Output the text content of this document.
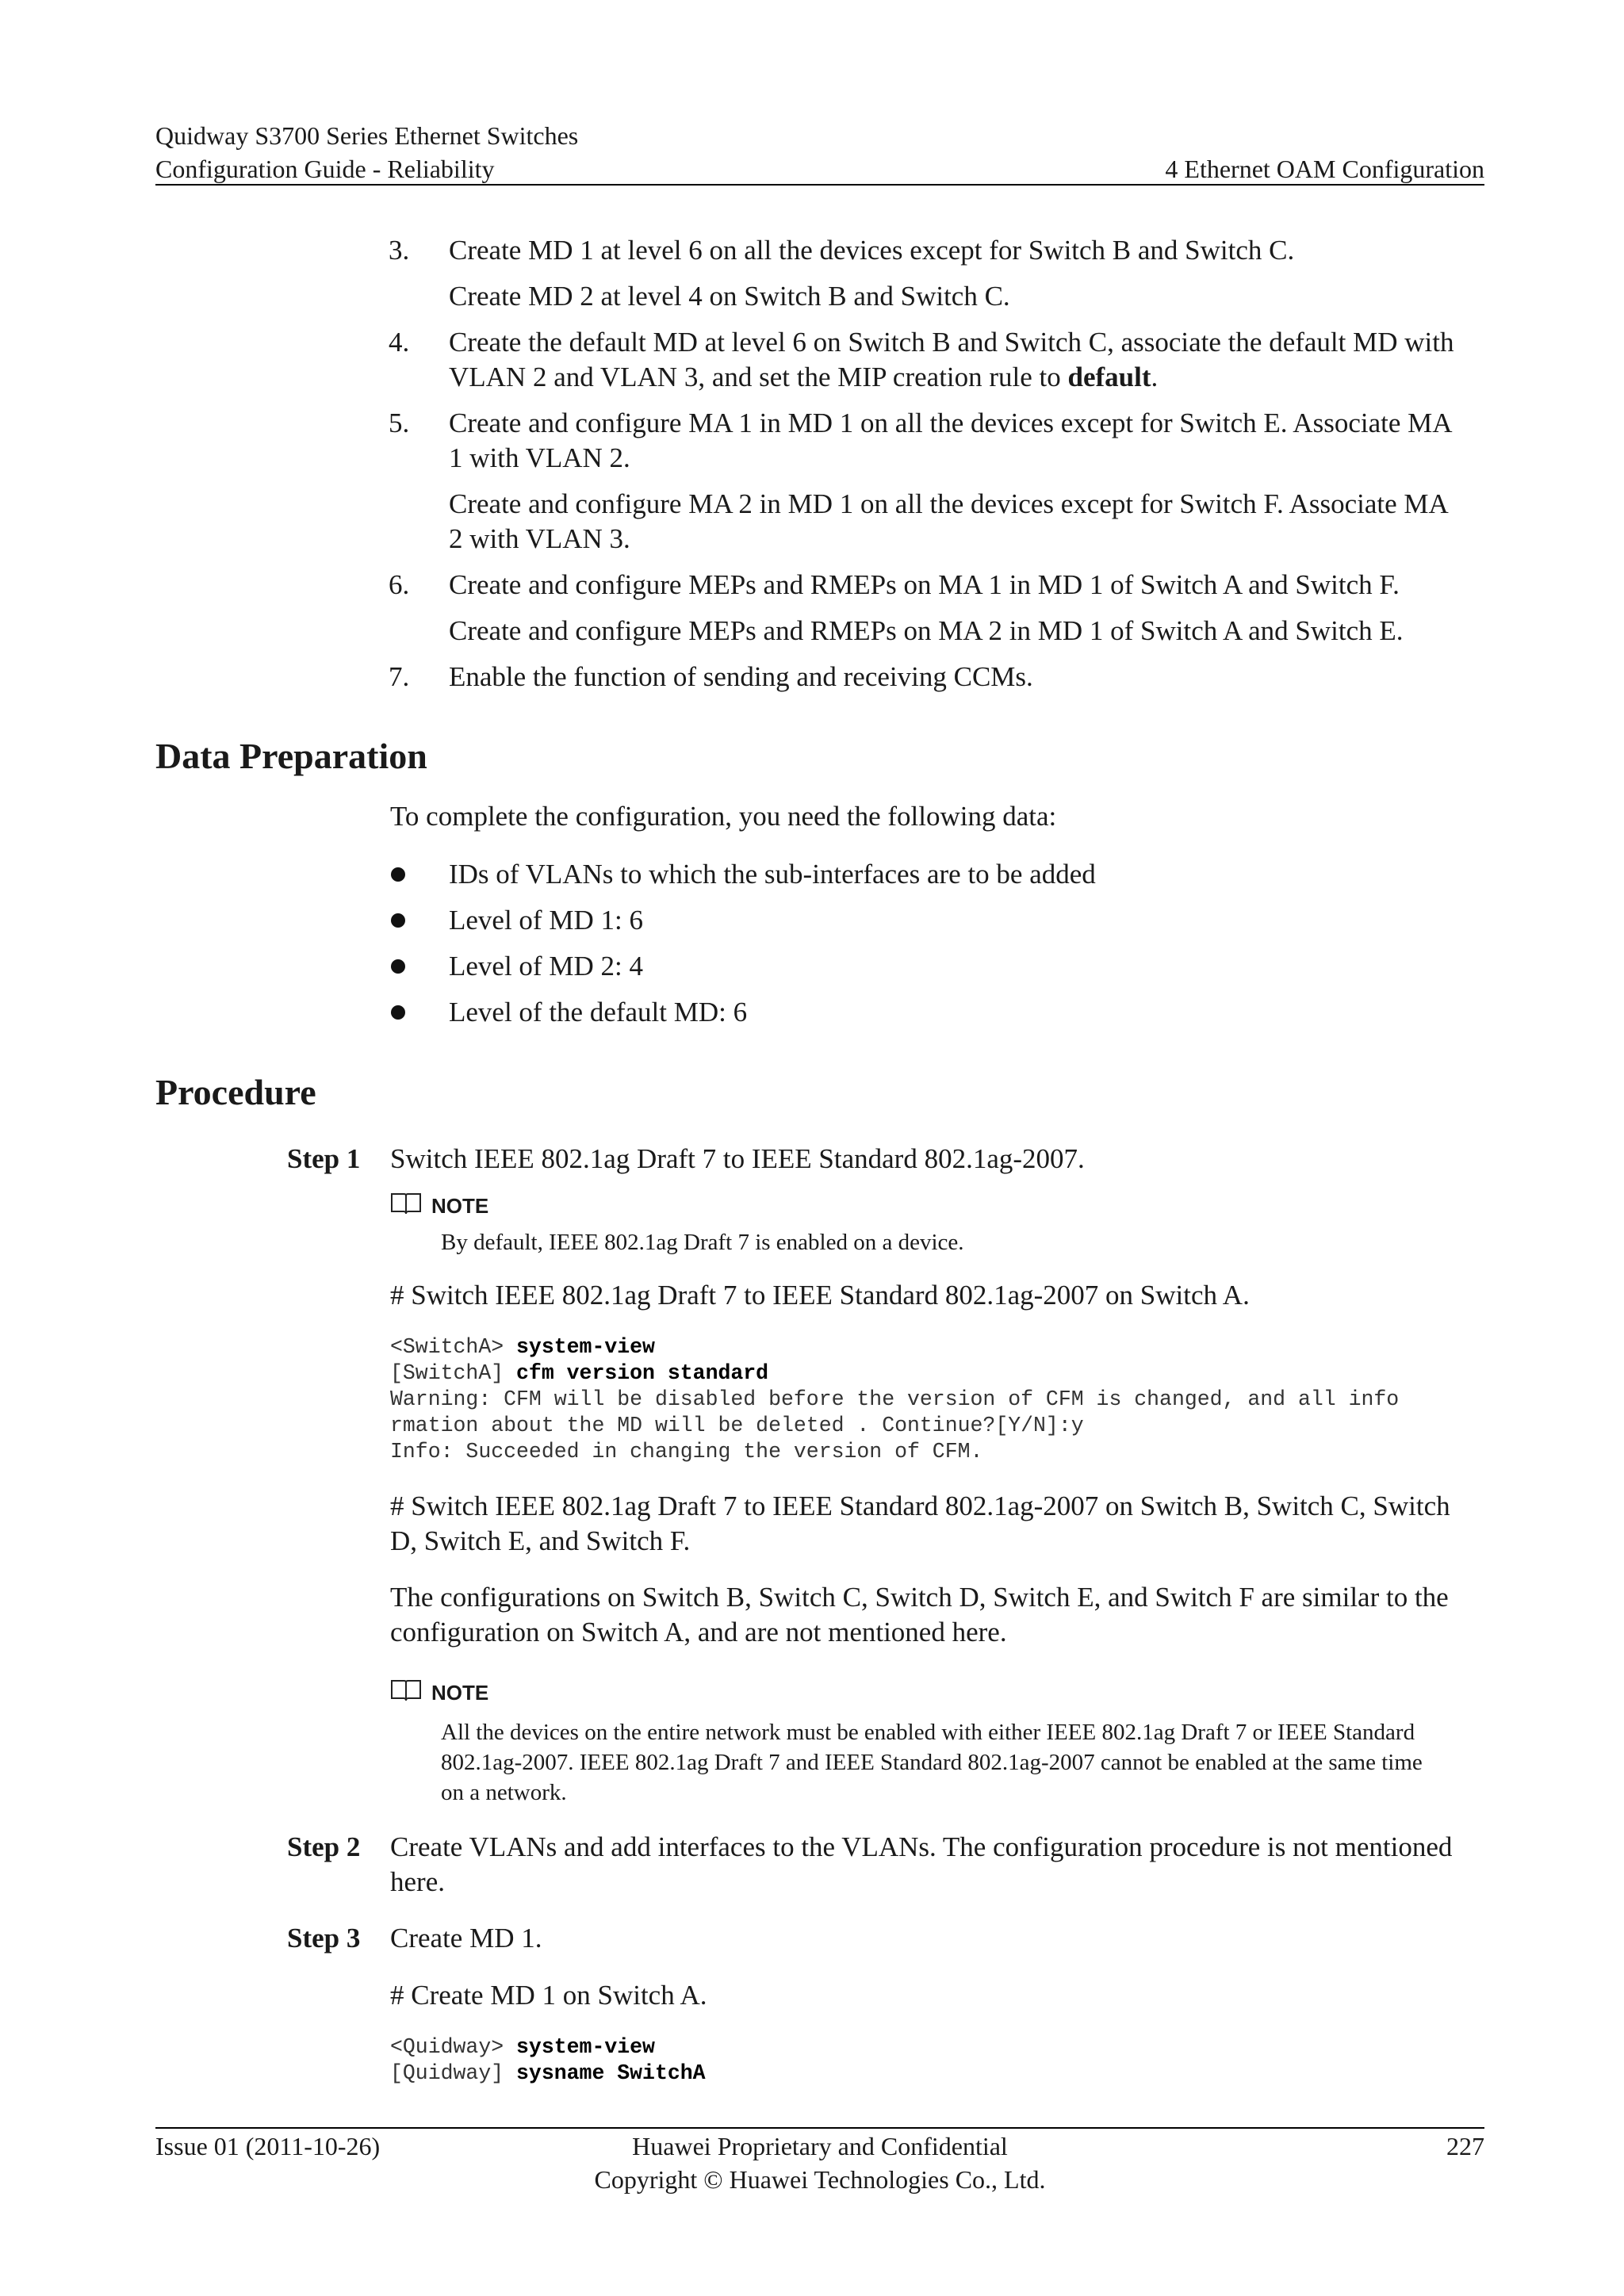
Quidway S3700 Series Ethernet Switches
Configuration Guide - Reliability	4 Ethernet OAM Configuration
3. Create MD 1 at level 6 on all the devices except for Switch B and Switch C.
Create MD 2 at level 4 on Switch B and Switch C.
4. Create the default MD at level 6 on Switch B and Switch C, associate the default MD with
VLAN 2 and VLAN 3, and set the MIP creation rule to default.
5. Create and configure MA 1 in MD 1 on all the devices except for Switch E. Associate MA
1 with VLAN 2.
Create and configure MA 2 in MD 1 on all the devices except for Switch F. Associate MA
2 with VLAN 3.
6. Create and configure MEPs and RMEPs on MA 1 in MD 1 of Switch A and Switch F.
Create and configure MEPs and RMEPs on MA 2 in MD 1 of Switch A and Switch E.
7. Enable the function of sending and receiving CCMs.
Data Preparation
To complete the configuration, you need the following data:
IDs of VLANs to which the sub-interfaces are to be added
Level of MD 1: 6
Level of MD 2: 4
Level of the default MD: 6
Procedure
Step 1 Switch IEEE 802.1ag Draft 7 to IEEE Standard 802.1ag-2007.
NOTE
By default, IEEE 802.1ag Draft 7 is enabled on a device.
# Switch IEEE 802.1ag Draft 7 to IEEE Standard 802.1ag-2007 on Switch A.
<SwitchA> system-view
[SwitchA] cfm version standard
Warning: CFM will be disabled before the version of CFM is changed, and all info
rmation about the MD will be deleted . Continue?[Y/N]:y
Info: Succeeded in changing the version of CFM.
# Switch IEEE 802.1ag Draft 7 to IEEE Standard 802.1ag-2007 on Switch B, Switch C, Switch
D, Switch E, and Switch F.
The configurations on Switch B, Switch C, Switch D, Switch E, and Switch F are similar to the
configuration on Switch A, and are not mentioned here.
NOTE
All the devices on the entire network must be enabled with either IEEE 802.1ag Draft 7 or IEEE Standard
802.1ag-2007. IEEE 802.1ag Draft 7 and IEEE Standard 802.1ag-2007 cannot be enabled at the same time
on a network.
Step 2 Create VLANs and add interfaces to the VLANs. The configuration procedure is not mentioned
here.
Step 3 Create MD 1.
# Create MD 1 on Switch A.
<Quidway> system-view
[Quidway] sysname SwitchA
Issue 01 (2011-10-26)	Huawei Proprietary and Confidential
Copyright © Huawei Technologies Co., Ltd.
227
